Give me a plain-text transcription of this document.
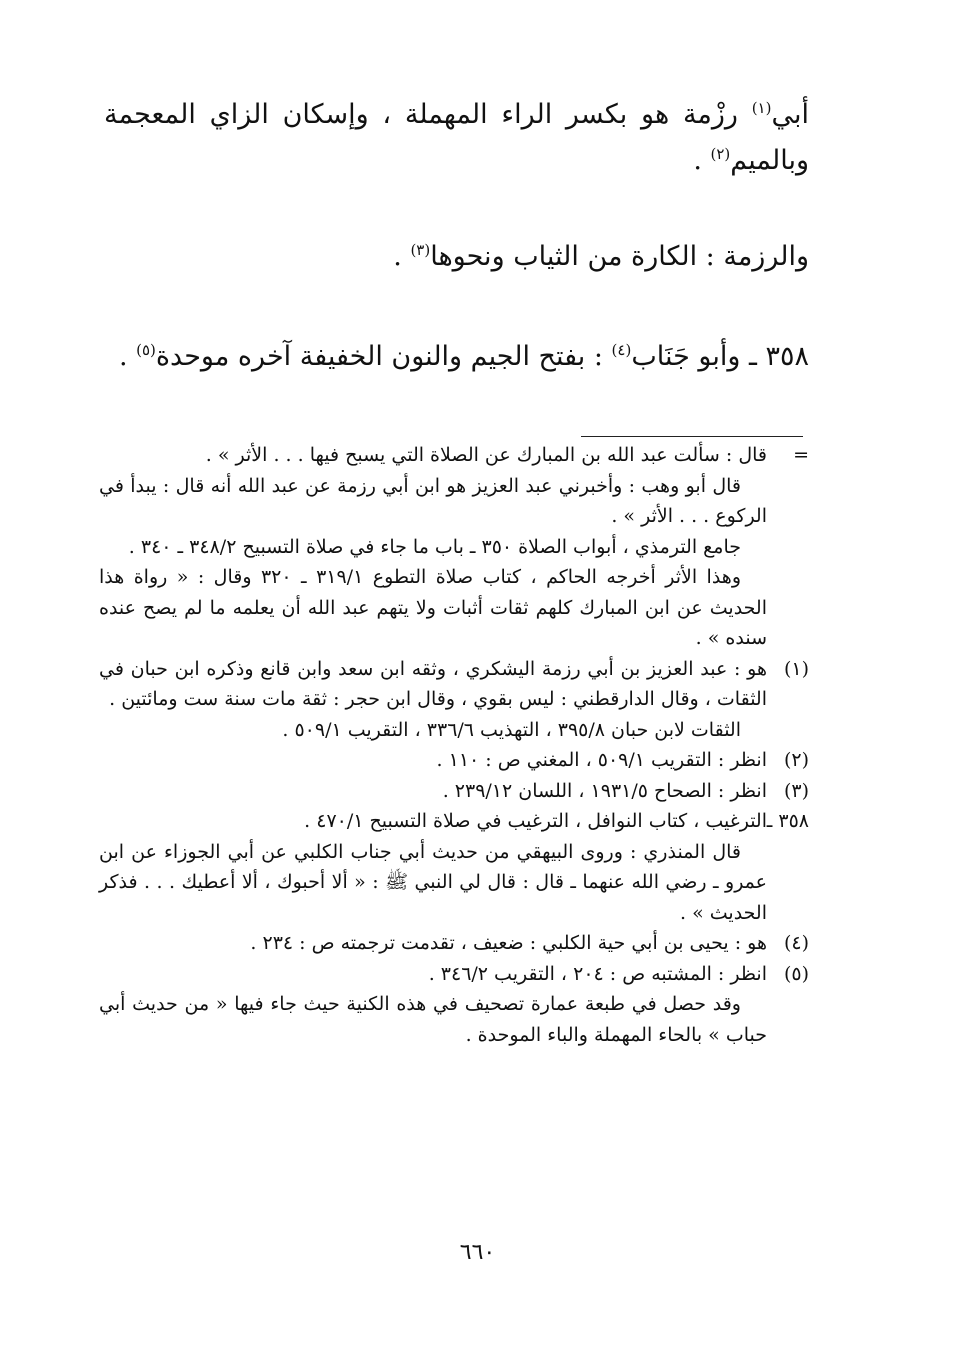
أبي$^{(١)}$ رزْمة هو بكسر الراء المهملة ، وإسكان الزاي المعجمة وبالميم$^{(٢)}$ .
والرزمة : الكارة من الثياب ونحوها$^{(٣)}$ .
٣٥٨ ـ وأبو جَنَاب$^{(٤)}$ : بفتح الجيم والنون الخفيفة آخره موحدة$^{(٥)}$ .
=
قال : سألت عبد الله بن المبارك عن الصلاة التي يسبح فيها . . . الأثر » .
قال أبو وهب : وأخبرني عبد العزيز هو ابن أبي رزمة عن عبد الله أنه قال : يبدأ في الركوع . . . الأثر » .
جامع الترمذي ، أبواب الصلاة ٣٥٠ ـ باب ما جاء في صلاة التسبيح ٣٤٨/٢ ـ ٣٤٠ .
وهذا الأثر أخرجه الحاكم ، كتاب صلاة التطوع ٣١٩/١ ـ ٣٢٠ وقال : « رواة هذا الحديث عن ابن المبارك كلهم ثقات أثبات ولا يتهم عبد الله أن يعلمه ما لم يصح عنده سنده » .
(١)
هو : عبد العزيز بن أبي رزمة اليشكري ، وثقه ابن سعد وابن قانع وذكره ابن حبان في الثقات ، وقال الدارقطني : ليس بقوي ، وقال ابن حجر : ثقة مات سنة ست ومائتين .
الثقات لابن حبان ٣٩٥/٨ ، التهذيب ٣٣٦/٦ ، التقريب ٥٠٩/١ .
(٢)
انظر : التقريب ٥٠٩/١ ، المغني ص : ١١٠ .
(٣)
انظر : الصحاح ١٩٣١/٥ ، اللسان ٢٣٩/١٢ .
٣٥٨ ـ
الترغيب ، كتاب النوافل ، الترغيب في صلاة التسبيح ٤٧٠/١ .
قال المنذري : وروى البيهقي من حديث أبي جناب الكلبي عن أبي الجوزاء عن ابن عمرو ـ رضي الله عنهما ـ قال : قال لي النبي ﷺ : « ألا أحبوك ، ألا أعطيك . . . فذكر الحديث » .
(٤)
هو : يحيى بن أبي حية الكلبي : ضعيف ، تقدمت ترجمته ص : ٢٣٤ .
(٥)
انظر : المشتبه ص : ٢٠٤ ، التقريب ٣٤٦/٢ .
وقد حصل في طبعة عمارة تصحيف في هذه الكنية حيث جاء فيها « من حديث أبي حباب » بالحاء المهملة والباء الموحدة .
٦٦٠
